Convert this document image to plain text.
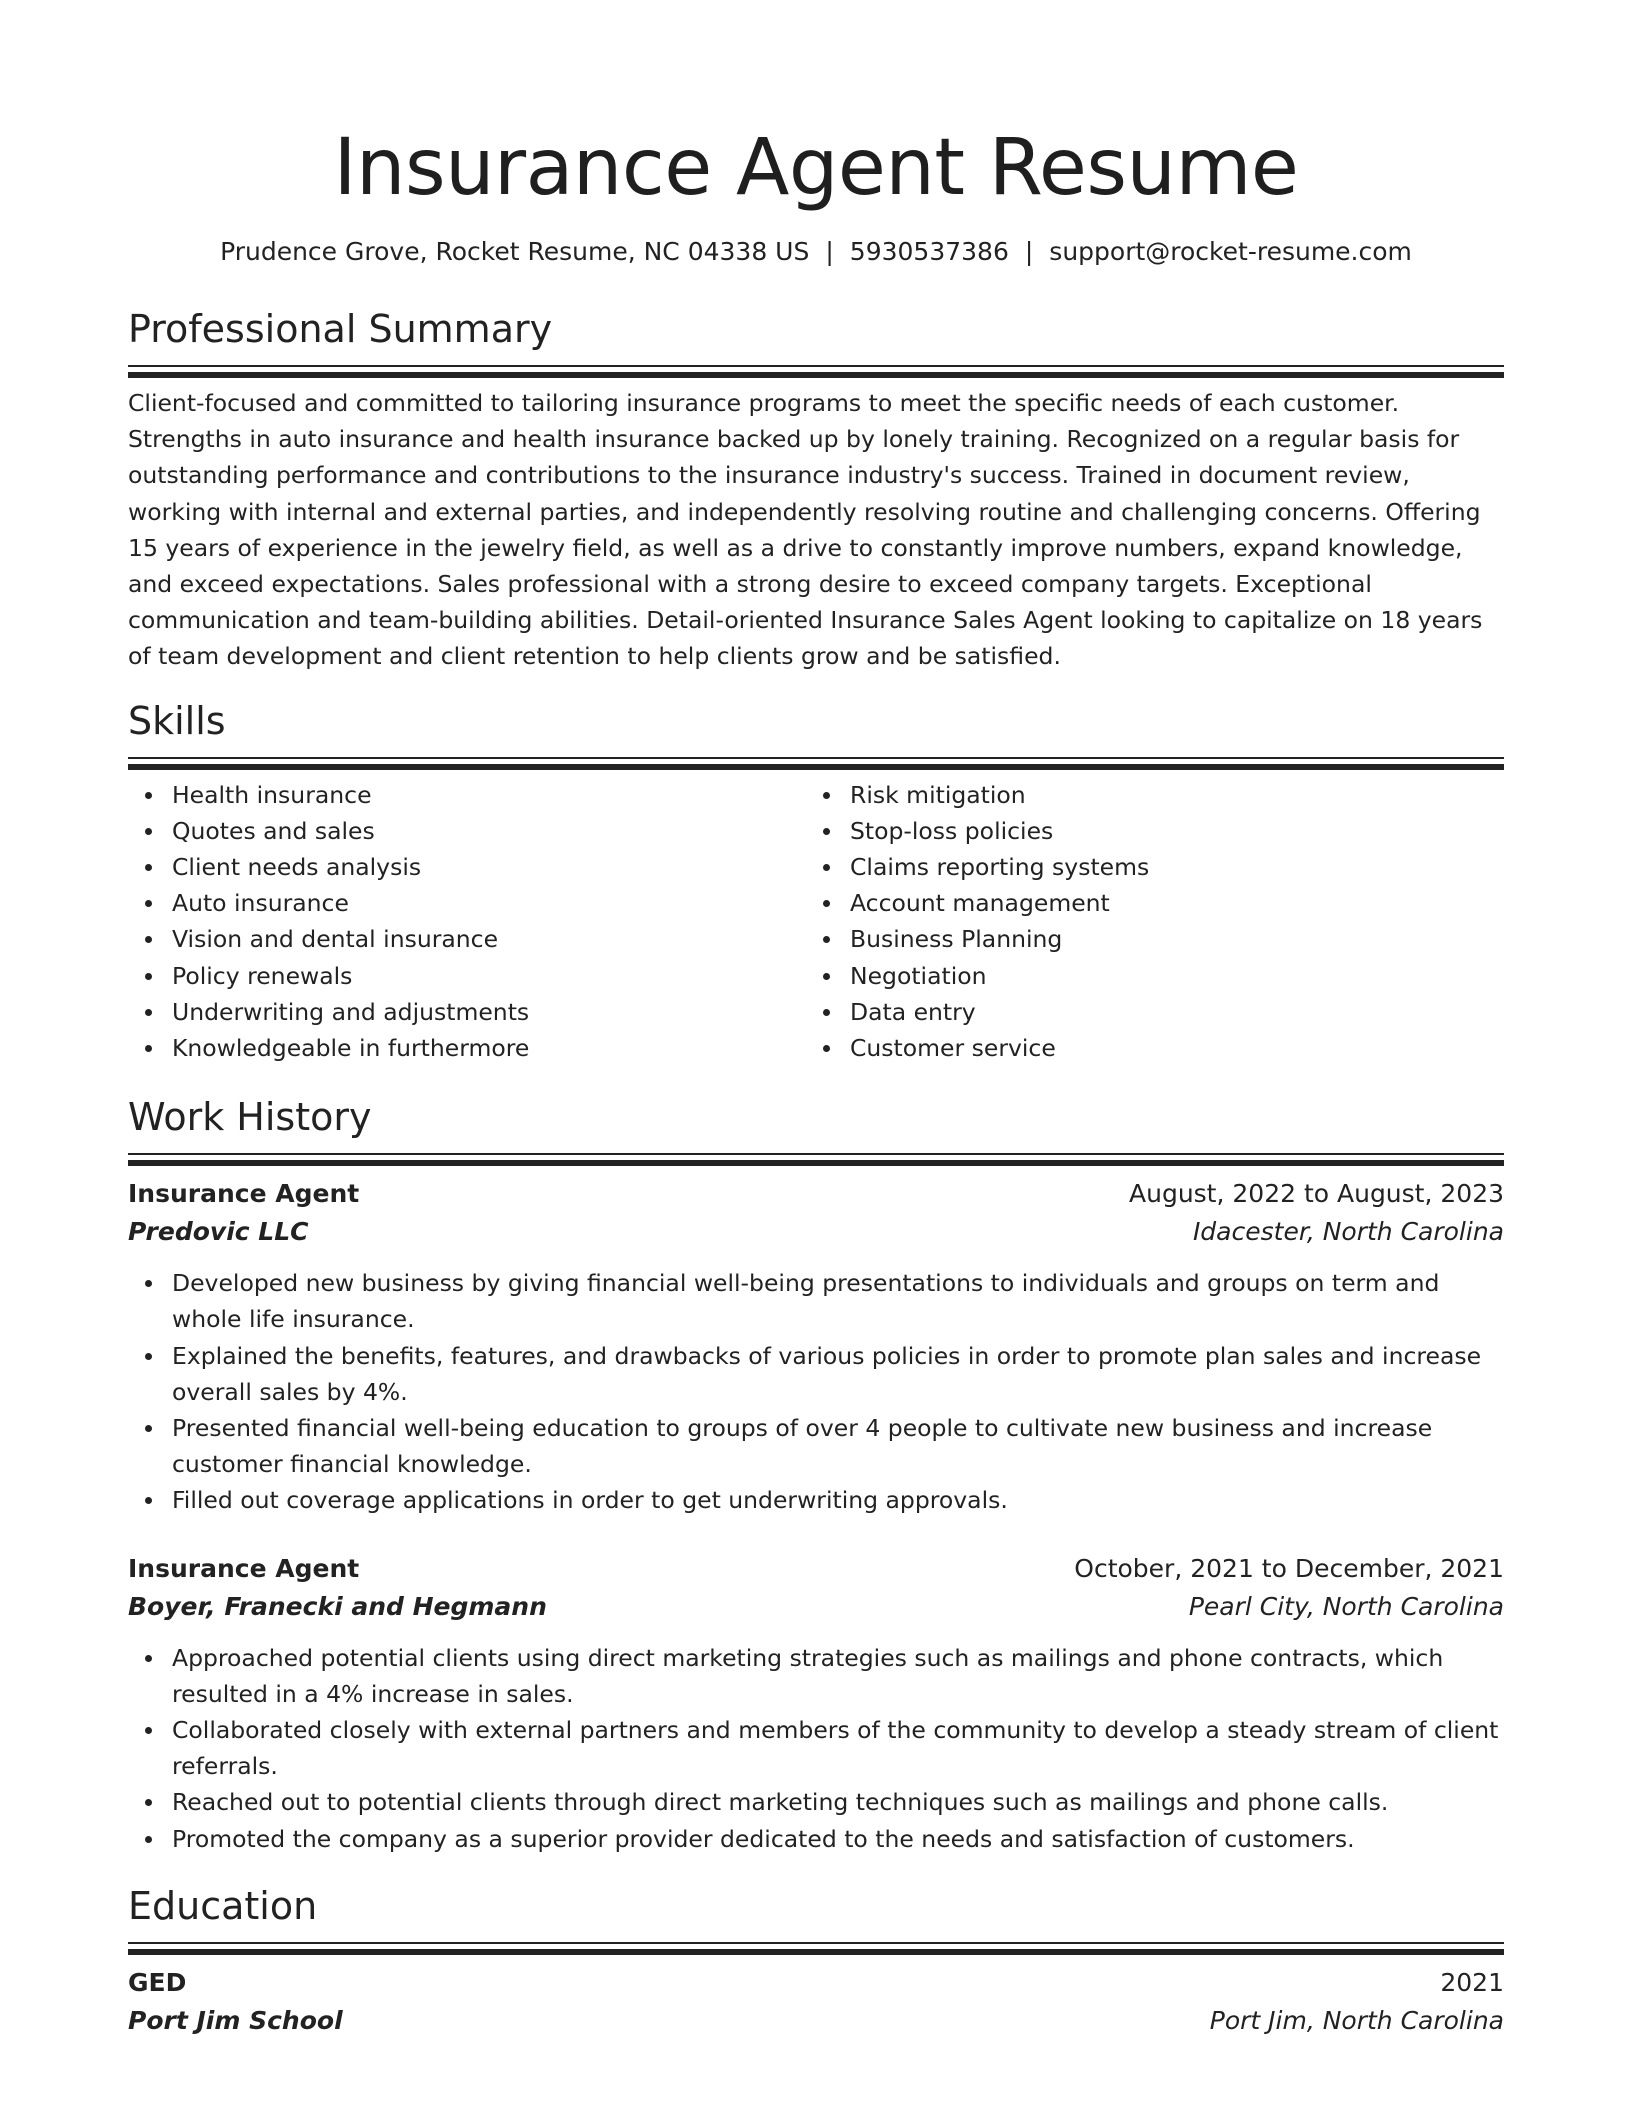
Insurance Agent Resume
Prudence Grove, Rocket Resume, NC 04338 US | 5930537386 | support@rocket-resume.com
Professional Summary
Client-focused and committed to tailoring insurance programs to meet the specific needs of each customer. Strengths in auto insurance and health insurance backed up by lonely training. Recognized on a regular basis for outstanding performance and contributions to the insurance industry's success. Trained in document review, working with internal and external parties, and independently resolving routine and challenging concerns. Offering 15 years of experience in the jewelry field, as well as a drive to constantly improve numbers, expand knowledge, and exceed expectations. Sales professional with a strong desire to exceed company targets. Exceptional communication and team-building abilities. Detail-oriented Insurance Sales Agent looking to capitalize on 18 years of team development and client retention to help clients grow and be satisfied.
Skills
Health insurance
Quotes and sales
Client needs analysis
Auto insurance
Vision and dental insurance
Policy renewals
Underwriting and adjustments
Knowledgeable in furthermore
Risk mitigation
Stop-loss policies
Claims reporting systems
Account management
Business Planning
Negotiation
Data entry
Customer service
Work History
Insurance Agent	August, 2022 to August, 2023
Predovic LLC	Idacester, North Carolina
Developed new business by giving financial well-being presentations to individuals and groups on term and whole life insurance.
Explained the benefits, features, and drawbacks of various policies in order to promote plan sales and increase overall sales by 4%.
Presented financial well-being education to groups of over 4 people to cultivate new business and increase customer financial knowledge.
Filled out coverage applications in order to get underwriting approvals.
Insurance Agent	October, 2021 to December, 2021
Boyer, Franecki and Hegmann	Pearl City, North Carolina
Approached potential clients using direct marketing strategies such as mailings and phone contracts, which resulted in a 4% increase in sales.
Collaborated closely with external partners and members of the community to develop a steady stream of client referrals.
Reached out to potential clients through direct marketing techniques such as mailings and phone calls.
Promoted the company as a superior provider dedicated to the needs and satisfaction of customers.
Education
GED	2021
Port Jim School	Port Jim, North Carolina
